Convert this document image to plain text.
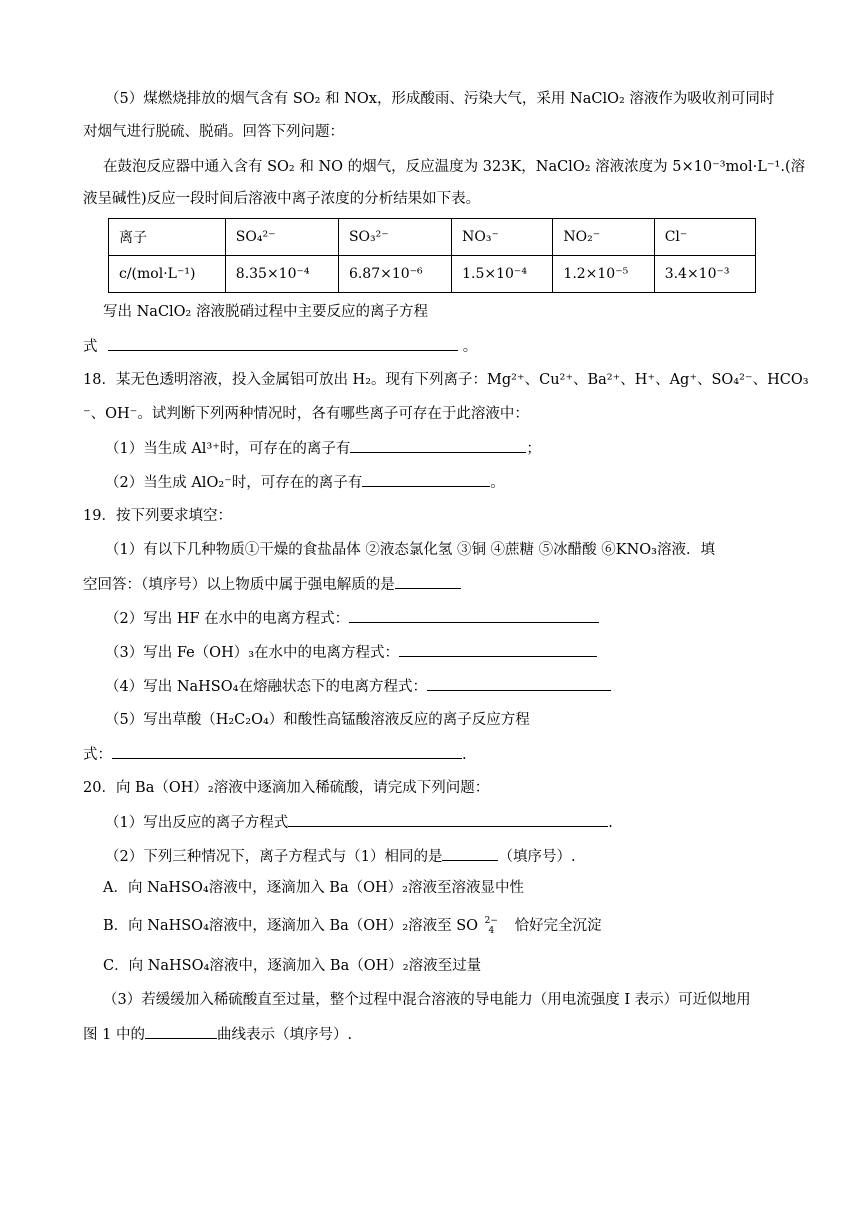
（5）煤燃烧排放的烟气含有 SO₂ 和 NOx，形成酸雨、污染大气，采用 NaClO₂ 溶液作为吸收剂可同时
对烟气进行脱硫、脱硝。回答下列问题：
在鼓泡反应器中通入含有 SO₂ 和 NO 的烟气，反应温度为 323K，NaClO₂ 溶液浓度为 5×10⁻³mol·L⁻¹.(溶
液呈碱性)反应一段时间后溶液中离子浓度的分析结果如下表。
离子	SO₄²⁻	SO₃²⁻	NO₃⁻	NO₂⁻	Cl⁻
c/(mol·L⁻¹)	8.35×10⁻⁴	6.87×10⁻⁶	1.5×10⁻⁴	1.2×10⁻⁵	3.4×10⁻³
写出 NaClO₂ 溶液脱硝过程中主要反应的离子方程
式	。
18．某无色透明溶液，投入金属铝可放出 H₂。现有下列离子：Mg²⁺、Cu²⁺、Ba²⁺、H⁺、Ag⁺、SO₄²⁻、HCO₃
⁻、OH⁻。试判断下列两种情况时，各有哪些离子可存在于此溶液中：
（1）当生成 Al³⁺时，可存在的离子有	；
（2）当生成 AlO₂⁻时，可存在的离子有	。
19．按下列要求填空：
（1）有以下几种物质①干燥的食盐晶体 ②液态氯化氢 ③铜 ④蔗糖 ⑤冰醋酸 ⑥KNO₃溶液．填
空回答：（填序号）以上物质中属于强电解质的是
（2）写出 HF 在水中的电离方程式：
（3）写出 Fe（OH）₃在水中的电离方程式：
（4）写出 NaHSO₄在熔融状态下的电离方程式：
（5）写出草酸（H₂C₂O₄）和酸性高锰酸溶液反应的离子反应方程
式：	.
20．向 Ba（OH）₂溶液中逐滴加入稀硫酸，请完成下列问题：
（1）写出反应的离子方程式	.
（2）下列三种情况下，离子方程式与（1）相同的是	（填序号）.
A．向 NaHSO₄溶液中，逐滴加入 Ba（OH）₂溶液至溶液显中性
B．向 NaHSO₄溶液中，逐滴加入 Ba（OH）₂溶液至 SO 2−
4 恰好完全沉淀
C．向 NaHSO₄溶液中，逐滴加入 Ba（OH）₂溶液至过量
（3）若缓缓加入稀硫酸直至过量，整个过程中混合溶液的导电能力（用电流强度 I 表示）可近似地用
图 1 中的	曲线表示（填序号）.
